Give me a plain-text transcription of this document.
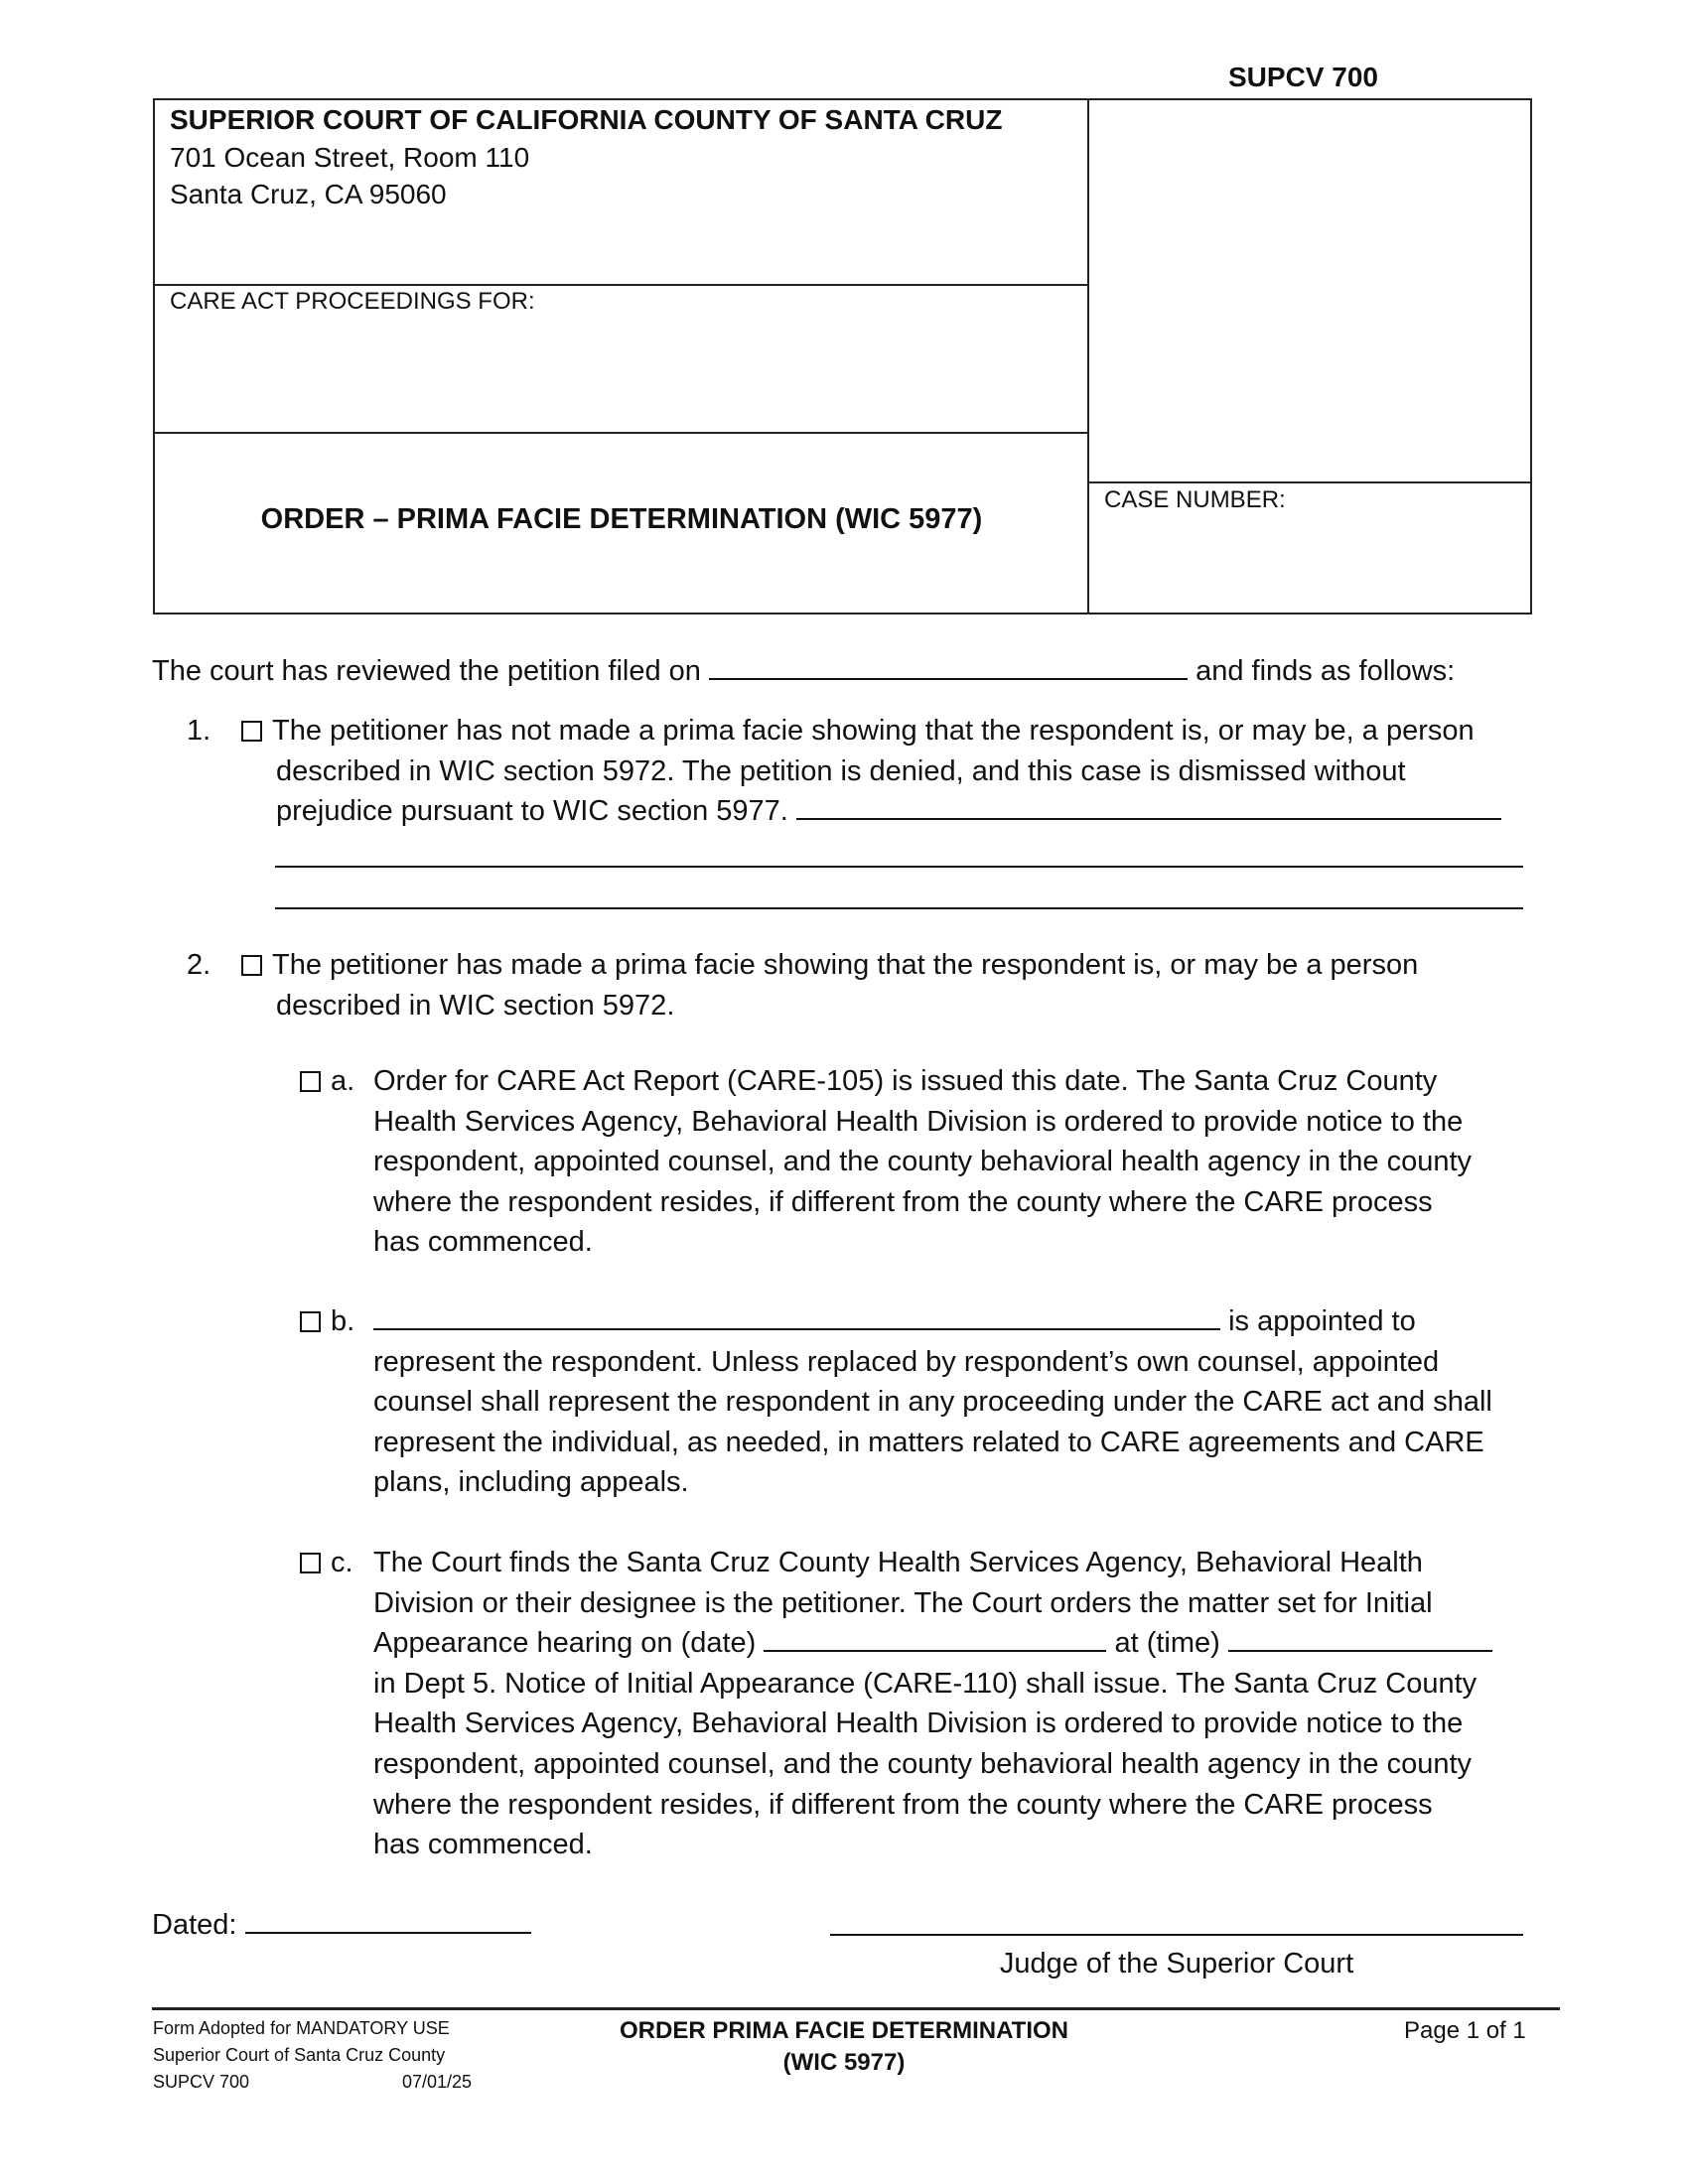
SUPCV 700
SUPERIOR COURT OF CALIFORNIA COUNTY OF SANTA CRUZ
701 Ocean Street, Room 110
Santa Cruz, CA 95060
CARE ACT PROCEEDINGS FOR:
ORDER – PRIMA FACIE DETERMINATION (WIC 5977)
CASE NUMBER:
The court has reviewed the petition filed on	and finds as follows:
1.	The petitioner has not made a prima facie showing that the respondent is, or may be, a person
described in WIC section 5972. The petition is denied, and this case is dismissed without
prejudice pursuant to WIC section 5977.
2.	The petitioner has made a prima facie showing that the respondent is, or may be a person
described in WIC section 5972.
a. Order for CARE Act Report (CARE-105) is issued this date. The Santa Cruz County
Health Services Agency, Behavioral Health Division is ordered to provide notice to the
respondent, appointed counsel, and the county behavioral health agency in the county
where the respondent resides, if different from the county where the CARE process
has commenced.
b.	is appointed to
represent the respondent. Unless replaced by respondent’s own counsel, appointed
counsel shall represent the respondent in any proceeding under the CARE act and shall
represent the individual, as needed, in matters related to CARE agreements and CARE
plans, including appeals.
c. The Court finds the Santa Cruz County Health Services Agency, Behavioral Health
Division or their designee is the petitioner. The Court orders the matter set for Initial
Appearance hearing on (date)	at (time)
in Dept 5. Notice of Initial Appearance (CARE-110) shall issue. The Santa Cruz County
Health Services Agency, Behavioral Health Division is ordered to provide notice to the
respondent, appointed counsel, and the county behavioral health agency in the county
where the respondent resides, if different from the county where the CARE process
has commenced.
Dated:
Judge of the Superior Court
Form Adopted for MANDATORY USE
Superior Court of Santa Cruz County
SUPCV 700	07/01/25
ORDER PRIMA FACIE DETERMINATION
(WIC 5977)
Page 1 of 1
